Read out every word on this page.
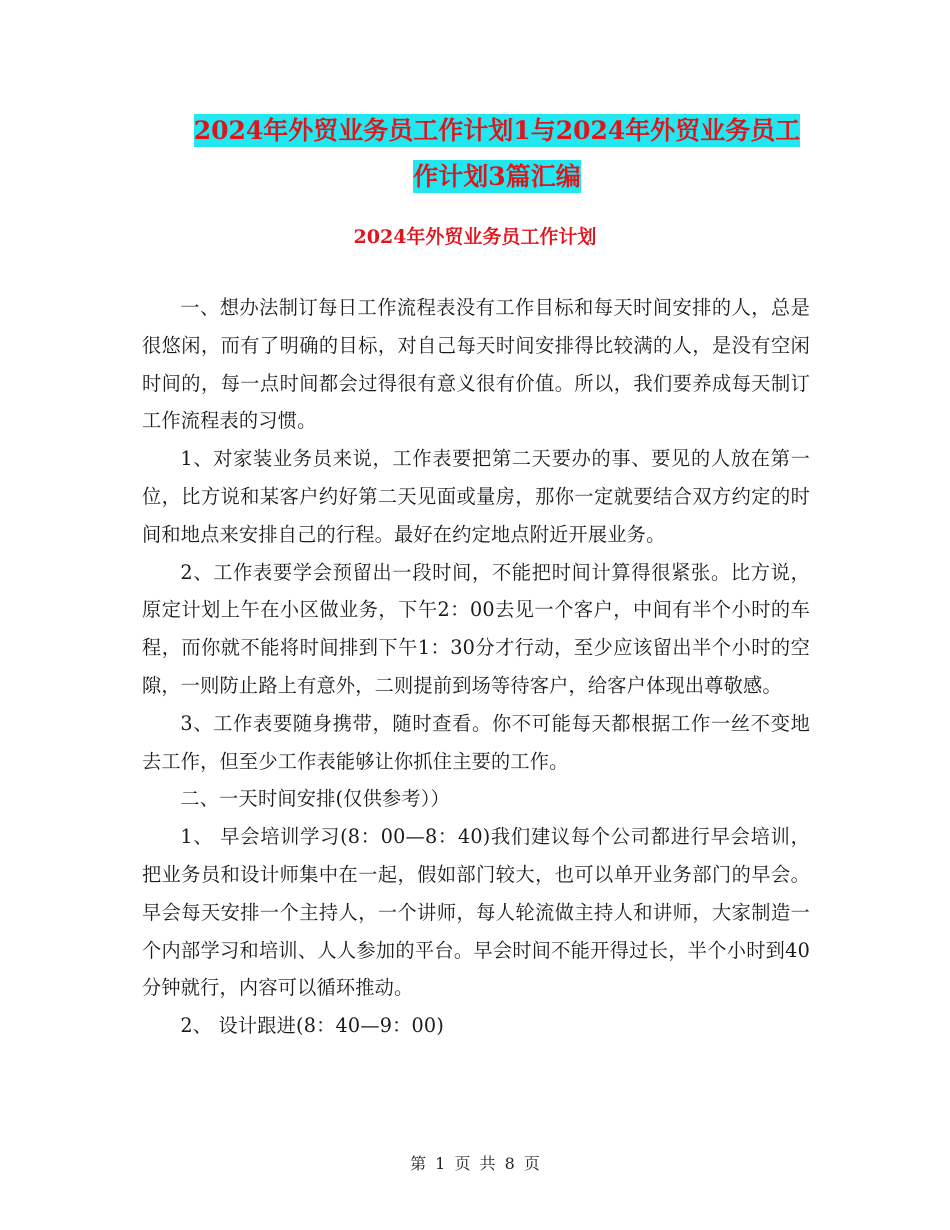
2024年外贸业务员工作计划1与2024年外贸业务员工
作计划3篇汇编
2024年外贸业务员工作计划

一、想办法制订每日工作流程表没有工作目标和每天时间安排的人，总是很悠闲，而有了明确的目标，对自己每天时间安排得比较满的人，是没有空闲时间的，每一点时间都会过得很有意义很有价值。所以，我们要养成每天制订工作流程表的习惯。

1、对家装业务员来说，工作表要把第二天要办的事、要见的人放在第一位，比方说和某客户约好第二天见面或量房，那你一定就要结合双方约定的时间和地点来安排自己的行程。最好在约定地点附近开展业务。

2、工作表要学会预留出一段时间，不能把时间计算得很紧张。比方说，原定计划上午在小区做业务，下午2：00去见一个客户，中间有半个小时的车程，而你就不能将时间排到下午1：30分才行动，至少应该留出半个小时的空隙，一则防止路上有意外，二则提前到场等待客户，给客户体现出尊敬感。

3、工作表要随身携带，随时查看。你不可能每天都根据工作一丝不变地去工作，但至少工作表能够让你抓住主要的工作。

二、一天时间安排(仅供参考））

1、 早会培训学习(8：00—8：40)我们建议每个公司都进行早会培训，把业务员和设计师集中在一起，假如部门较大，也可以单开业务部门的早会。早会每天安排一个主持人，一个讲师，每人轮流做主持人和讲师，大家制造一个内部学习和培训、人人参加的平台。早会时间不能开得过长，半个小时到40分钟就行，内容可以循环推动。

2、 设计跟进(8：40—9：00)

第 1 页 共 8 页
